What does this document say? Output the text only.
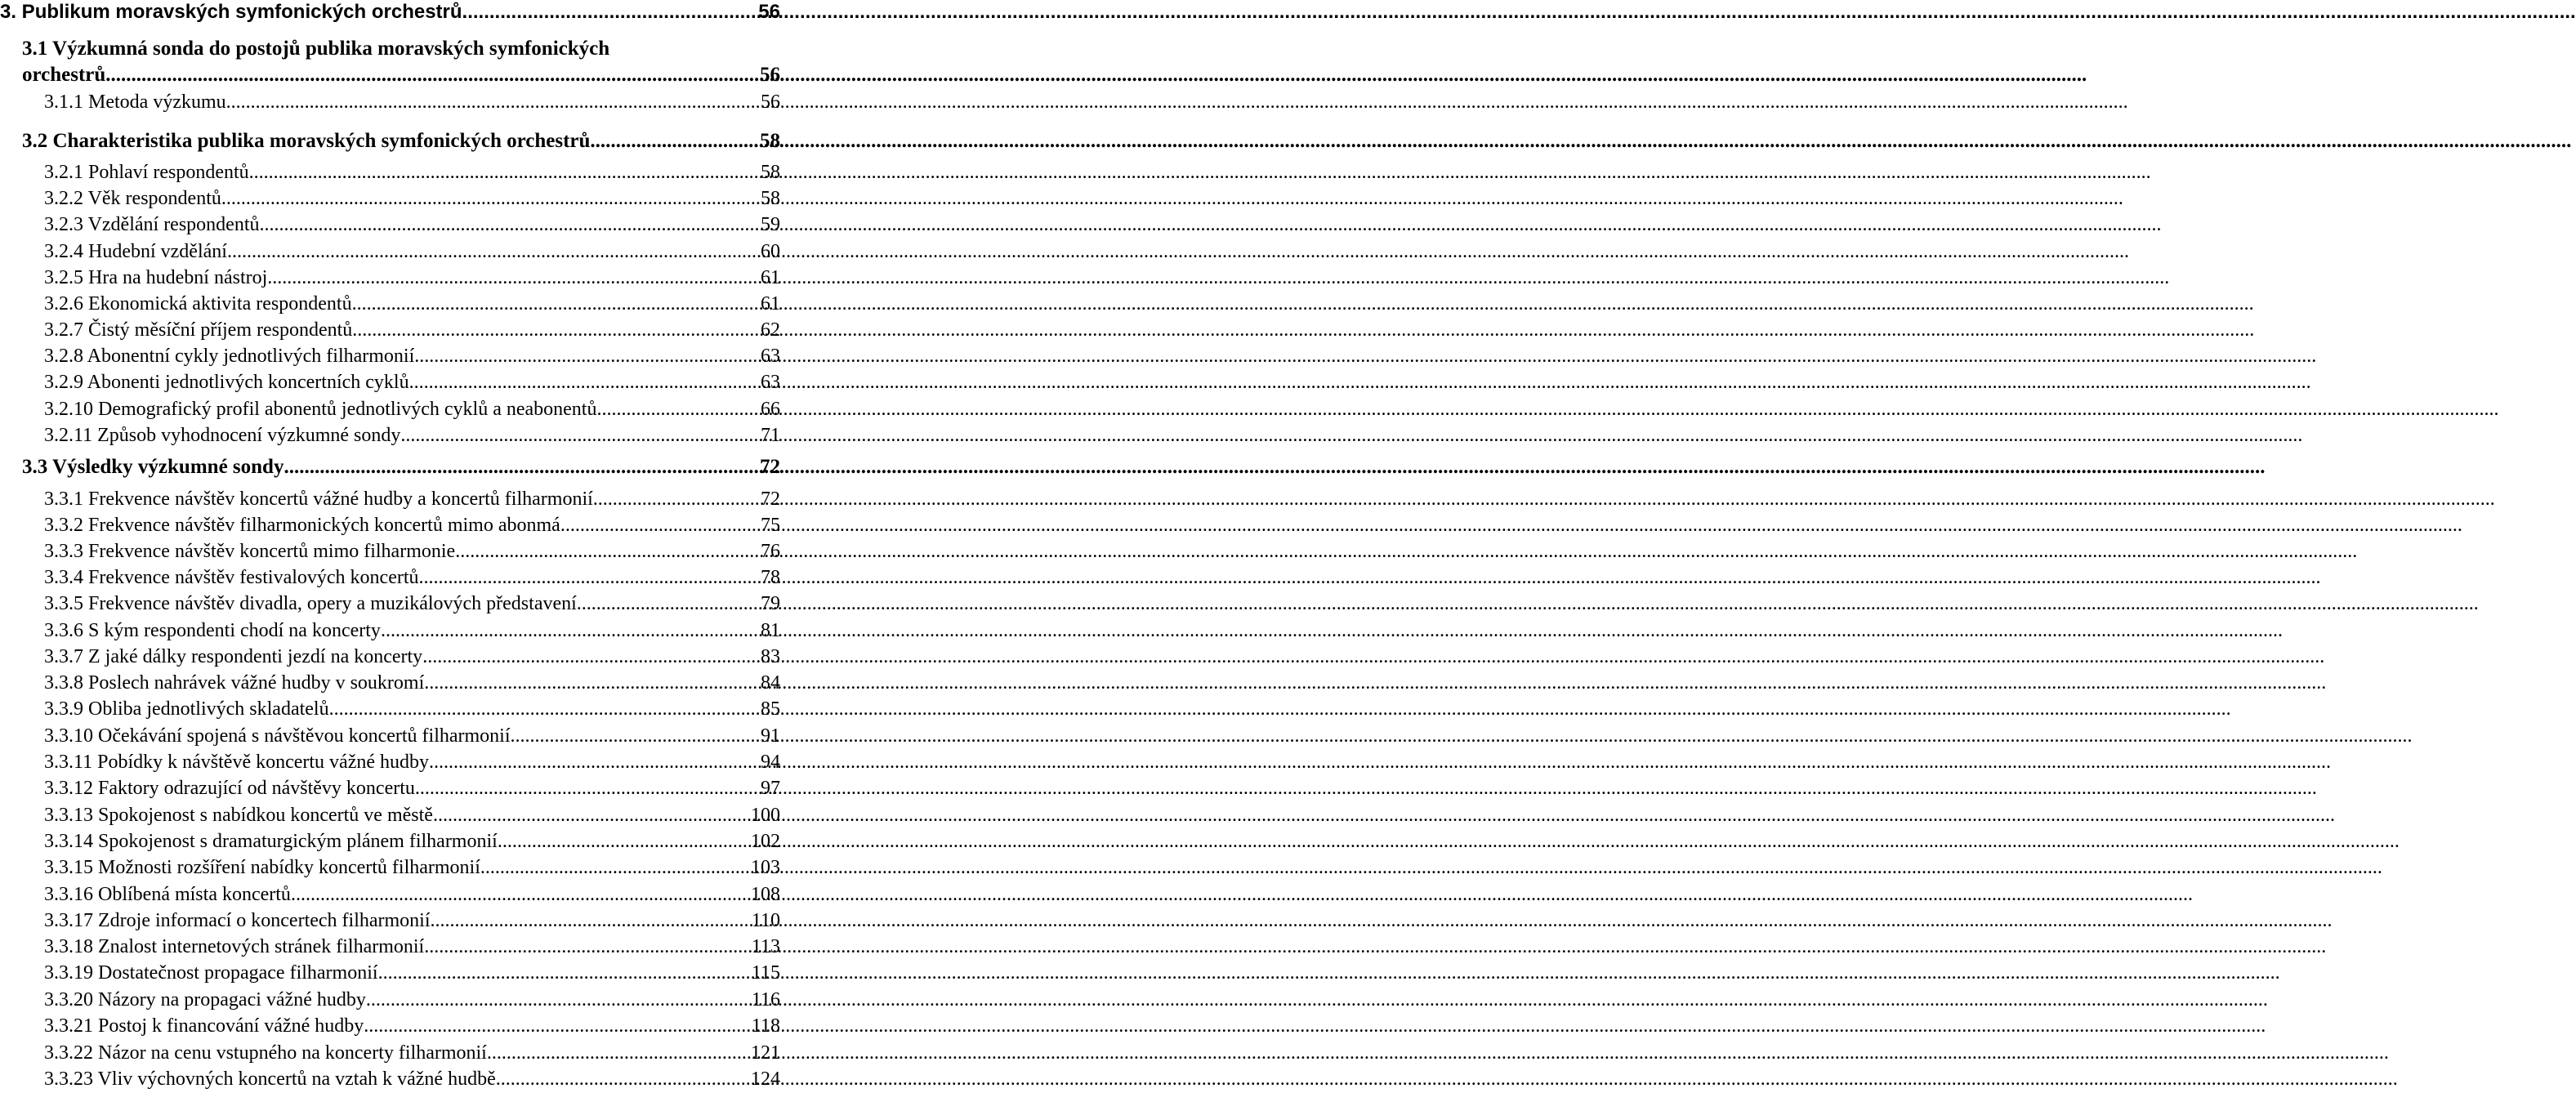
3. Publikum moravských symfonických orchestrů .....	56
3.1 Výzkumná sonda do postojů publika moravských symfonických
orchestrů .....	56
3.1.1 Metoda výzkumu .....	56
3.2 Charakteristika publika moravských symfonických orchestrů .....	58
3.2.1 Pohlaví respondentů .....	58
3.2.2 Věk respondentů .....	58
3.2.3 Vzdělání respondentů .....	59
3.2.4 Hudební vzdělání .....	60
3.2.5 Hra na hudební nástroj .....	61
3.2.6 Ekonomická aktivita respondentů .....	61
3.2.7 Čistý měsíční příjem respondentů .....	62
3.2.8 Abonentní cykly jednotlivých filharmonií .....	63
3.2.9 Abonenti jednotlivých koncertních cyklů .....	63
3.2.10 Demografický profil abonentů jednotlivých cyklů a neabonentů .....	66
3.2.11 Způsob vyhodnocení výzkumné sondy .....	71
3.3 Výsledky výzkumné sondy .....	72
3.3.1 Frekvence návštěv koncertů vážné hudby a koncertů filharmonií .....	72
3.3.2 Frekvence návštěv filharmonických koncertů mimo abonmá .....	75
3.3.3 Frekvence návštěv koncertů mimo filharmonie .....	76
3.3.4 Frekvence návštěv festivalových koncertů .....	78
3.3.5 Frekvence návštěv divadla, opery a muzikálových představení .....	79
3.3.6 S kým respondenti chodí na koncerty .....	81
3.3.7 Z jaké dálky respondenti jezdí na koncerty .....	83
3.3.8 Poslech nahrávek vážné hudby v soukromí .....	84
3.3.9 Obliba jednotlivých skladatelů .....	85
3.3.10 Očekávání spojená s návštěvou koncertů filharmonií .....	91
3.3.11 Pobídky k návštěvě koncertu vážné hudby .....	94
3.3.12 Faktory odrazující od návštěvy koncertu .....	97
3.3.13 Spokojenost s nabídkou koncertů ve městě .....	100
3.3.14 Spokojenost s dramaturgickým plánem filharmonií .....	102
3.3.15 Možnosti rozšíření nabídky koncertů filharmonií .....	103
3.3.16 Oblíbená místa koncertů .....	108
3.3.17 Zdroje informací o koncertech filharmonií .....	110
3.3.18 Znalost internetových stránek filharmonií .....	113
3.3.19 Dostatečnost propagace filharmonií .....	115
3.3.20 Názory na propagaci vážné hudby .....	116
3.3.21 Postoj k financování vážné hudby .....	118
3.3.22 Názor na cenu vstupného na koncerty filharmonií .....	121
3.3.23 Vliv výchovných koncertů na vztah k vážné hudbě .....	124
